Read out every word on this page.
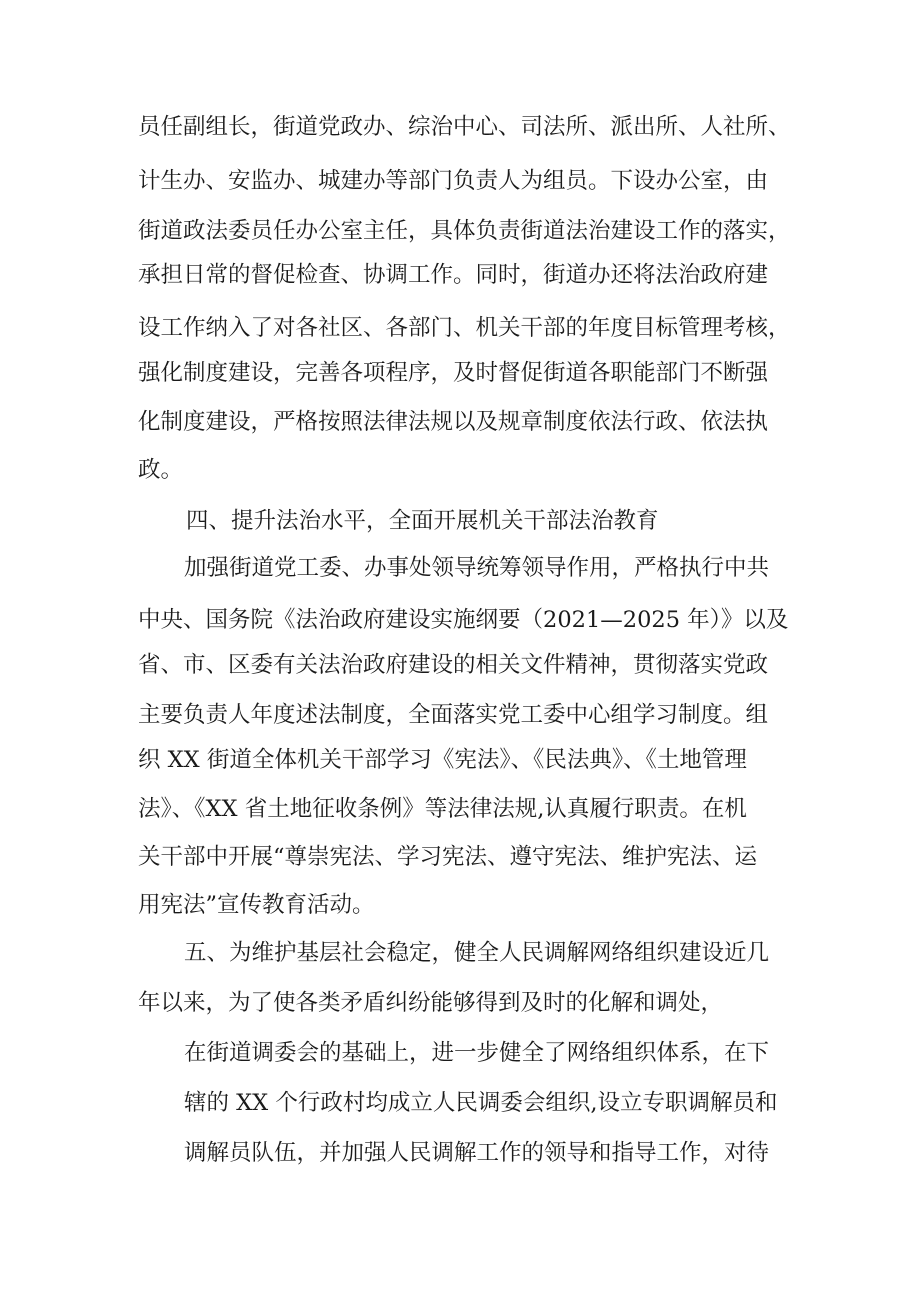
员任副组长，街道党政办、综治中心、司法所、派出所、人社所、
计生办、安监办、城建办等部门负责人为组员。下设办公室，由
街道政法委员任办公室主任，具体负责街道法治建设工作的落实，
承担日常的督促检查、协调工作。同时，街道办还将法治政府建
设工作纳入了对各社区、各部门、机关干部的年度目标管理考核，
强化制度建设，完善各项程序，及时督促街道各职能部门不断强
化制度建设，严格按照法律法规以及规章制度依法行政、依法执
政。
四、提升法治水平，全面开展机关干部法治教育
加强街道党工委、办事处领导统筹领导作用，严格执行中共
中央、国务院《法治政府建设实施纲要（2021—2025 年）》以及
省、市、区委有关法治政府建设的相关文件精神，贯彻落实党政
主要负责人年度述法制度，全面落实党工委中心组学习制度。组
织 XX 街道全体机关干部学习《宪法》、《民法典》、《土地管理
法》、《XX 省土地征收条例》等法律法规,认真履行职责。在机
关干部中开展“尊崇宪法、学习宪法、遵守宪法、维护宪法、运
用宪法”宣传教育活动。
五、为维护基层社会稳定，健全人民调解网络组织建设近几
年以来，为了使各类矛盾纠纷能够得到及时的化解和调处，
在街道调委会的基础上，进一步健全了网络组织体系，在下
辖的 XX 个行政村均成立人民调委会组织,设立专职调解员和
调解员队伍，并加强人民调解工作的领导和指导工作，对待
